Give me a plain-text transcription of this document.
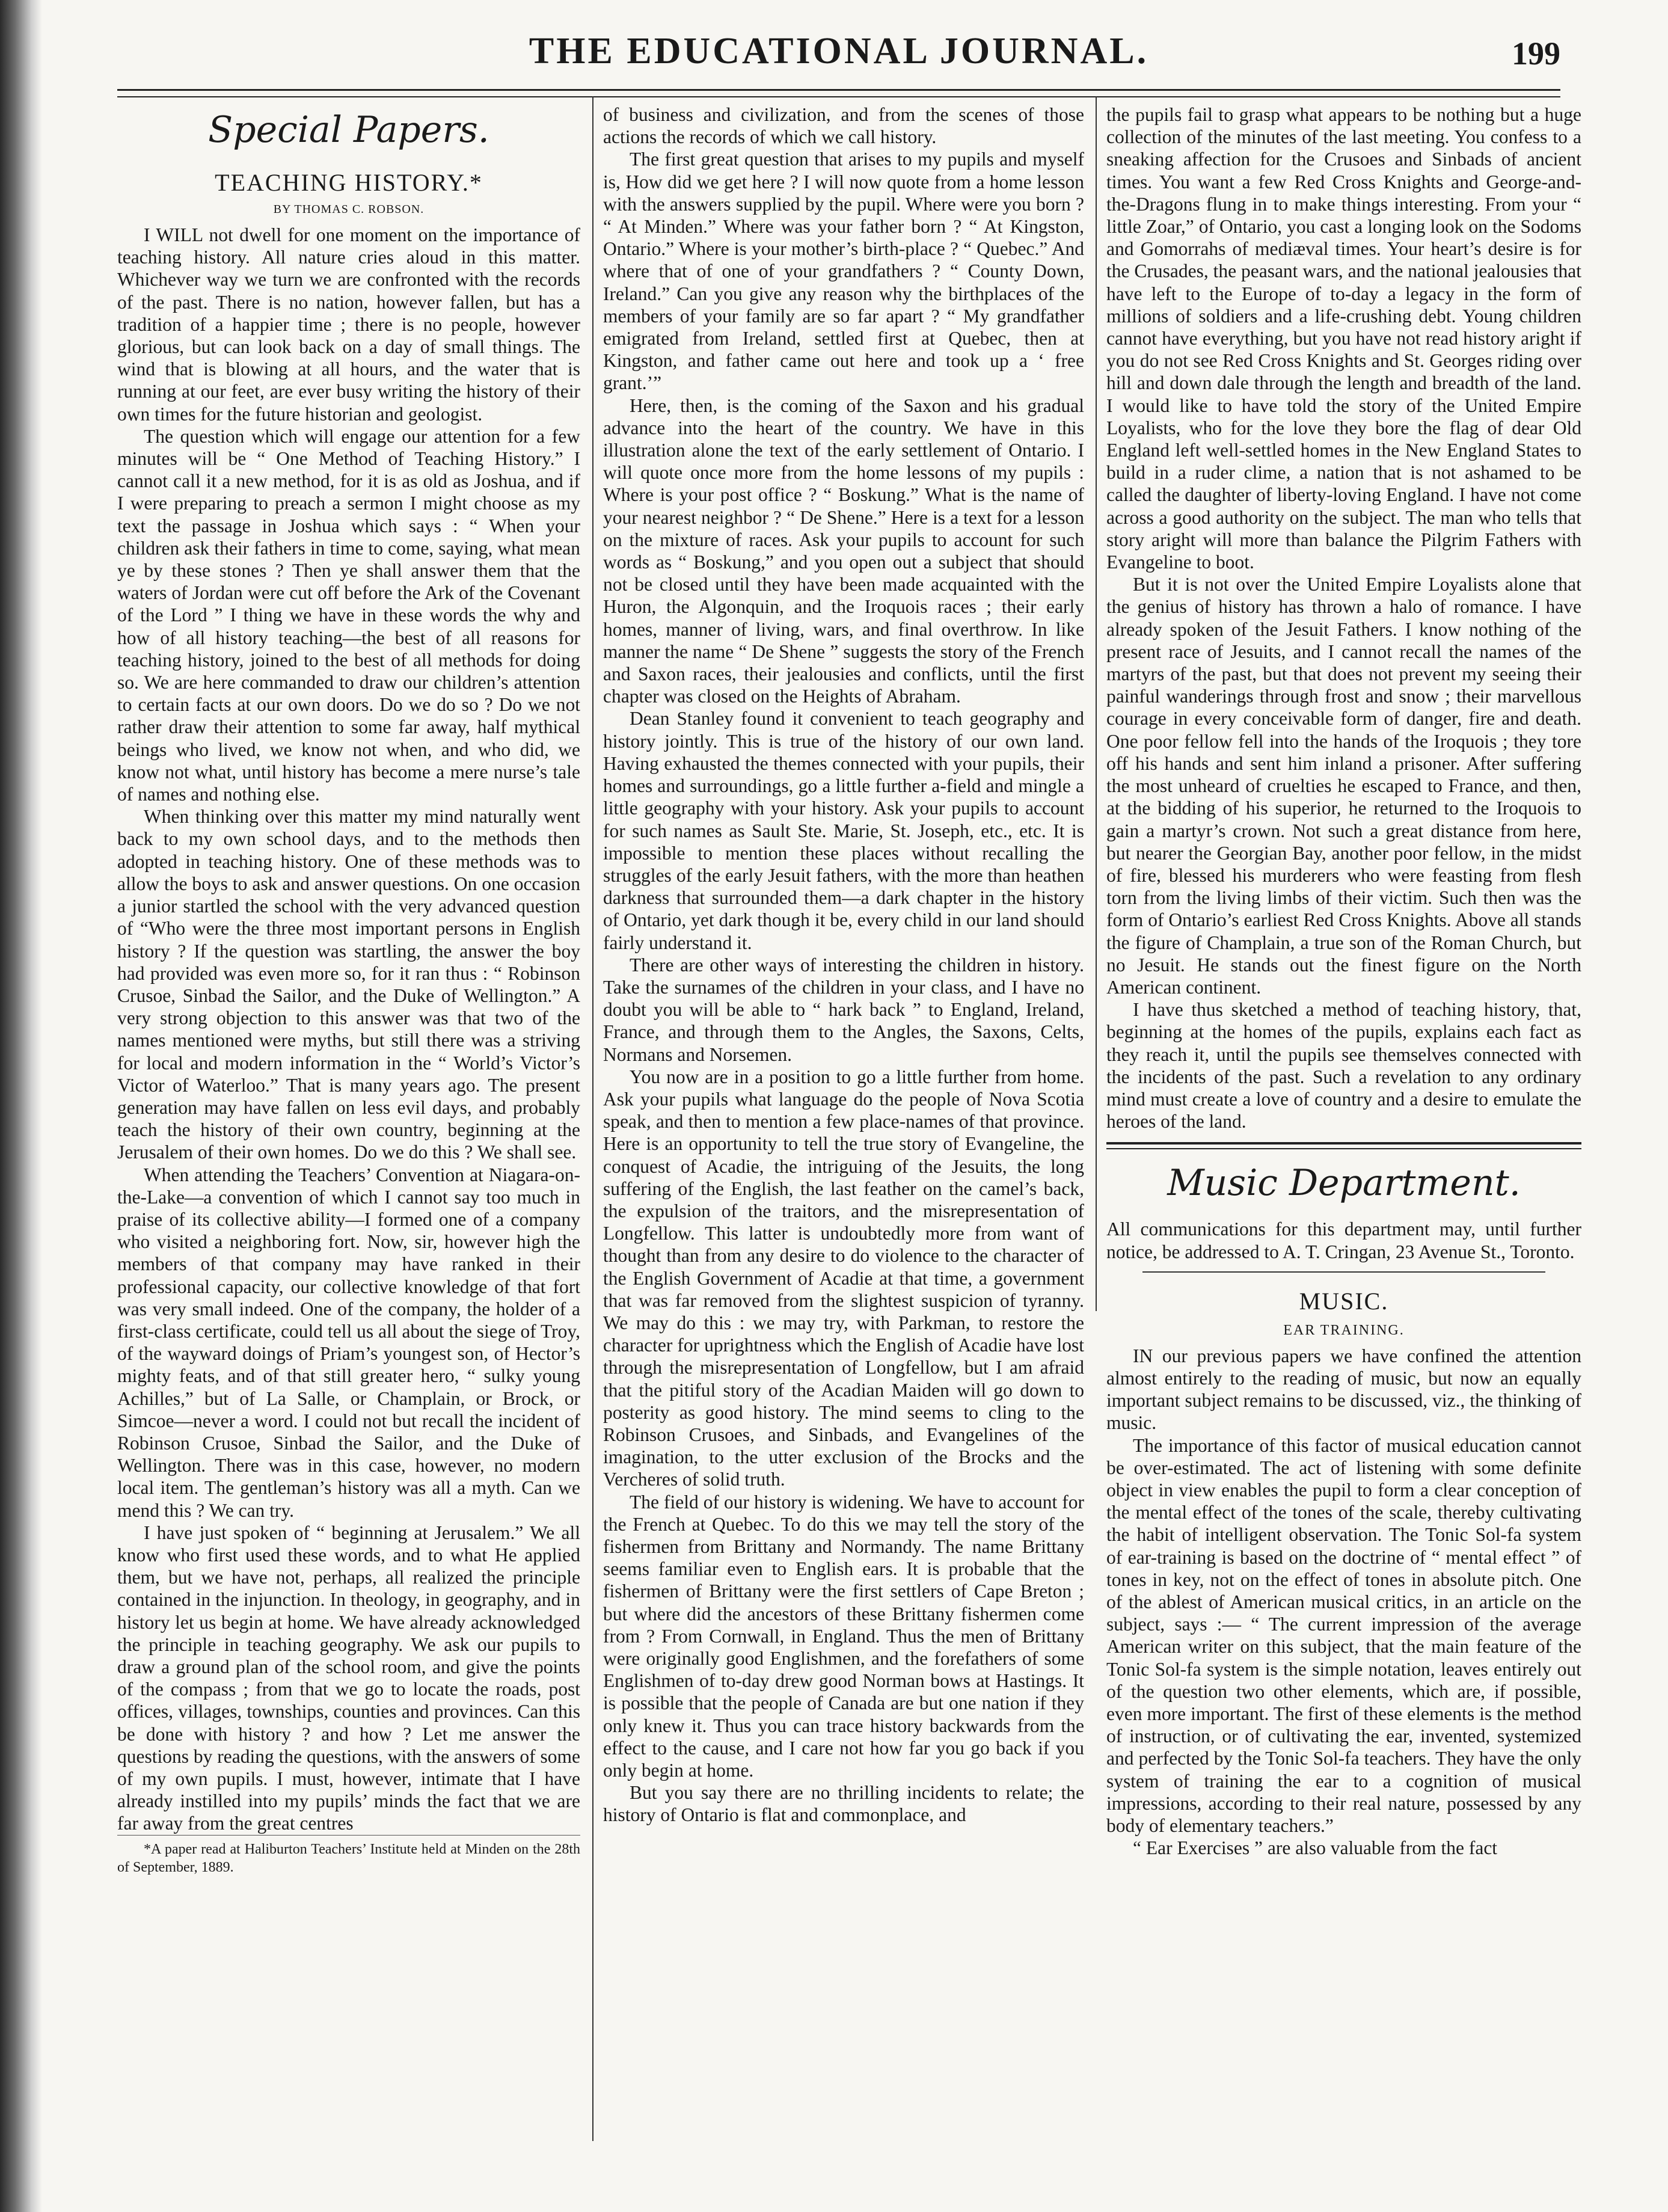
THE EDUCATIONAL JOURNAL.	199
Special Papers.
TEACHING HISTORY.*
BY THOMAS C. ROBSON.

I WILL not dwell for one moment on the importance of teaching history. All nature cries aloud in this matter. Whichever way we turn we are confronted with the records of the past. There is no nation, however fallen, but has a tradition of a happier time ; there is no people, however glorious, but can look back on a day of small things. The wind that is blowing at all hours, and the water that is running at our feet, are ever busy writing the history of their own times for the future historian and geologist.

The question which will engage our attention for a few minutes will be “ One Method of Teaching History.” I cannot call it a new method, for it is as old as Joshua, and if I were preparing to preach a sermon I might choose as my text the passage in Joshua which says : “ When your children ask their fathers in time to come, saying, what mean ye by these stones ? Then ye shall answer them that the waters of Jordan were cut off before the Ark of the Covenant of the Lord ” I thing we have in these words the why and how of all history teaching—the best of all reasons for teaching history, joined to the best of all methods for doing so. We are here commanded to draw our children’s attention to certain facts at our own doors. Do we do so ? Do we not rather draw their attention to some far away, half mythical beings who lived, we know not when, and who did, we know not what, until history has become a mere nurse’s tale of names and nothing else.

When thinking over this matter my mind naturally went back to my own school days, and to the methods then adopted in teaching history. One of these methods was to allow the boys to ask and answer questions. On one occasion a junior startled the school with the very advanced question of “Who were the three most important persons in English history ? If the question was startling, the answer the boy had provided was even more so, for it ran thus : “ Robinson Crusoe, Sinbad the Sailor, and the Duke of Wellington.” A very strong objection to this answer was that two of the names mentioned were myths, but still there was a striving for local and modern information in the “ World’s Victor’s Victor of Waterloo.” That is many years ago. The present generation may have fallen on less evil days, and probably teach the history of their own country, beginning at the Jerusalem of their own homes. Do we do this ? We shall see.

When attending the Teachers’ Convention at Niagara-on-the-Lake—a convention of which I cannot say too much in praise of its collective ability—I formed one of a company who visited a neighboring fort. Now, sir, however high the members of that company may have ranked in their professional capacity, our collective knowledge of that fort was very small indeed. One of the company, the holder of a first-class certificate, could tell us all about the siege of Troy, of the wayward doings of Priam’s youngest son, of Hector’s mighty feats, and of that still greater hero, “ sulky young Achilles,” but of La Salle, or Champlain, or Brock, or Simcoe—never a word. I could not but recall the incident of Robinson Crusoe, Sinbad the Sailor, and the Duke of Wellington. There was in this case, however, no modern local item. The gentleman’s history was all a myth. Can we mend this ? We can try.

I have just spoken of “ beginning at Jerusalem.” We all know who first used these words, and to what He applied them, but we have not, perhaps, all realized the principle contained in the injunction. In theology, in geography, and in history let us begin at home. We have already acknowledged the principle in teaching geography. We ask our pupils to draw a ground plan of the school room, and give the points of the compass ; from that we go to locate the roads, post offices, villages, townships, counties and provinces. Can this be done with history ? and how ? Let me answer the questions by reading the questions, with the answers of some of my own pupils. I must, however, intimate that I have already instilled into my pupils’ minds the fact that we are far away from the great centres

*A paper read at Haliburton Teachers’ Institute held at Minden on the 28th of September, 1889.

of business and civilization, and from the scenes of those actions the records of which we call history.

The first great question that arises to my pupils and myself is, How did we get here ? I will now quote from a home lesson with the answers supplied by the pupil. Where were you born ? “ At Minden.” Where was your father born ? “ At Kingston, Ontario.” Where is your mother’s birth-place ? “ Quebec.” And where that of one of your grandfathers ? “ County Down, Ireland.” Can you give any reason why the birthplaces of the members of your family are so far apart ? “ My grandfather emigrated from Ireland, settled first at Quebec, then at Kingston, and father came out here and took up a ‘ free grant.’”

Here, then, is the coming of the Saxon and his gradual advance into the heart of the country. We have in this illustration alone the text of the early settlement of Ontario. I will quote once more from the home lessons of my pupils : Where is your post office ? “ Boskung.” What is the name of your nearest neighbor ? “ De Shene.” Here is a text for a lesson on the mixture of races. Ask your pupils to account for such words as “ Boskung,” and you open out a subject that should not be closed until they have been made acquainted with the Huron, the Algonquin, and the Iroquois races ; their early homes, manner of living, wars, and final overthrow. In like manner the name “ De Shene ” suggests the story of the French and Saxon races, their jealousies and conflicts, until the first chapter was closed on the Heights of Abraham.

Dean Stanley found it convenient to teach geography and history jointly. This is true of the history of our own land. Having exhausted the themes connected with your pupils, their homes and surroundings, go a little further a-field and mingle a little geography with your history. Ask your pupils to account for such names as Sault Ste. Marie, St. Joseph, etc., etc. It is impossible to mention these places without recalling the struggles of the early Jesuit fathers, with the more than heathen darkness that surrounded them—a dark chapter in the history of Ontario, yet dark though it be, every child in our land should fairly understand it.

There are other ways of interesting the children in history. Take the surnames of the children in your class, and I have no doubt you will be able to “ hark back ” to England, Ireland, France, and through them to the Angles, the Saxons, Celts, Normans and Norsemen.

You now are in a position to go a little further from home. Ask your pupils what language do the people of Nova Scotia speak, and then to mention a few place-names of that province. Here is an opportunity to tell the true story of Evangeline, the conquest of Acadie, the intriguing of the Jesuits, the long suffering of the English, the last feather on the camel’s back, the expulsion of the traitors, and the misrepresentation of Longfellow. This latter is undoubtedly more from want of thought than from any desire to do violence to the character of the English Government of Acadie at that time, a government that was far removed from the slightest suspicion of tyranny. We may do this : we may try, with Parkman, to restore the character for uprightness which the English of Acadie have lost through the misrepresentation of Longfellow, but I am afraid that the pitiful story of the Acadian Maiden will go down to posterity as good history. The mind seems to cling to the Robinson Crusoes, and Sinbads, and Evangelines of the imagination, to the utter exclusion of the Brocks and the Vercheres of solid truth.

The field of our history is widening. We have to account for the French at Quebec. To do this we may tell the story of the fishermen from Brittany and Normandy. The name Brittany seems familiar even to English ears. It is probable that the fishermen of Brittany were the first settlers of Cape Breton ; but where did the ancestors of these Brittany fishermen come from ? From Cornwall, in England. Thus the men of Brittany were originally good Englishmen, and the forefathers of some Englishmen of to-day drew good Norman bows at Hastings. It is possible that the people of Canada are but one nation if they only knew it. Thus you can trace history backwards from the effect to the cause, and I care not how far you go back if you only begin at home.

But you say there are no thrilling incidents to relate; the history of Ontario is flat and commonplace, and

the pupils fail to grasp what appears to be nothing but a huge collection of the minutes of the last meeting. You confess to a sneaking affection for the Crusoes and Sinbads of ancient times. You want a few Red Cross Knights and George-and-the-Dragons flung in to make things interesting. From your “ little Zoar,” of Ontario, you cast a longing look on the Sodoms and Gomorrahs of mediæval times. Your heart’s desire is for the Crusades, the peasant wars, and the national jealousies that have left to the Europe of to-day a legacy in the form of millions of soldiers and a life-crushing debt. Young children cannot have everything, but you have not read history aright if you do not see Red Cross Knights and St. Georges riding over hill and down dale through the length and breadth of the land. I would like to have told the story of the United Empire Loyalists, who for the love they bore the flag of dear Old England left well-settled homes in the New England States to build in a ruder clime, a nation that is not ashamed to be called the daughter of liberty-loving England. I have not come across a good authority on the subject. The man who tells that story aright will more than balance the Pilgrim Fathers with Evangeline to boot.

But it is not over the United Empire Loyalists alone that the genius of history has thrown a halo of romance. I have already spoken of the Jesuit Fathers. I know nothing of the present race of Jesuits, and I cannot recall the names of the martyrs of the past, but that does not prevent my seeing their painful wanderings through frost and snow ; their marvellous courage in every conceivable form of danger, fire and death. One poor fellow fell into the hands of the Iroquois ; they tore off his hands and sent him inland a prisoner. After suffering the most unheard of cruelties he escaped to France, and then, at the bidding of his superior, he returned to the Iroquois to gain a martyr’s crown. Not such a great distance from here, but nearer the Georgian Bay, another poor fellow, in the midst of fire, blessed his murderers who were feasting from flesh torn from the living limbs of their victim. Such then was the form of Ontario’s earliest Red Cross Knights. Above all stands the figure of Champlain, a true son of the Roman Church, but no Jesuit. He stands out the finest figure on the North American continent.

I have thus sketched a method of teaching history, that, beginning at the homes of the pupils, explains each fact as they reach it, until the pupils see themselves connected with the incidents of the past. Such a revelation to any ordinary mind must create a love of country and a desire to emulate the heroes of the land.

Music Department.

All communications for this department may, until further notice, be addressed to A. T. Cringan, 23 Avenue St., Toronto.

MUSIC.
EAR TRAINING.

IN our previous papers we have confined the attention almost entirely to the reading of music, but now an equally important subject remains to be discussed, viz., the thinking of music.

The importance of this factor of musical education cannot be over-estimated. The act of listening with some definite object in view enables the pupil to form a clear conception of the mental effect of the tones of the scale, thereby cultivating the habit of intelligent observation. The Tonic Sol-fa system of ear-training is based on the doctrine of “ mental effect ” of tones in key, not on the effect of tones in absolute pitch. One of the ablest of American musical critics, in an article on the subject, says :— “ The current impression of the average American writer on this subject, that the main feature of the Tonic Sol-fa system is the simple notation, leaves entirely out of the question two other elements, which are, if possible, even more important. The first of these elements is the method of instruction, or of cultivating the ear, invented, systemized and perfected by the Tonic Sol-fa teachers. They have the only system of training the ear to a cognition of musical impressions, according to their real nature, possessed by any body of elementary teachers.”

“ Ear Exercises ” are also valuable from the fact
